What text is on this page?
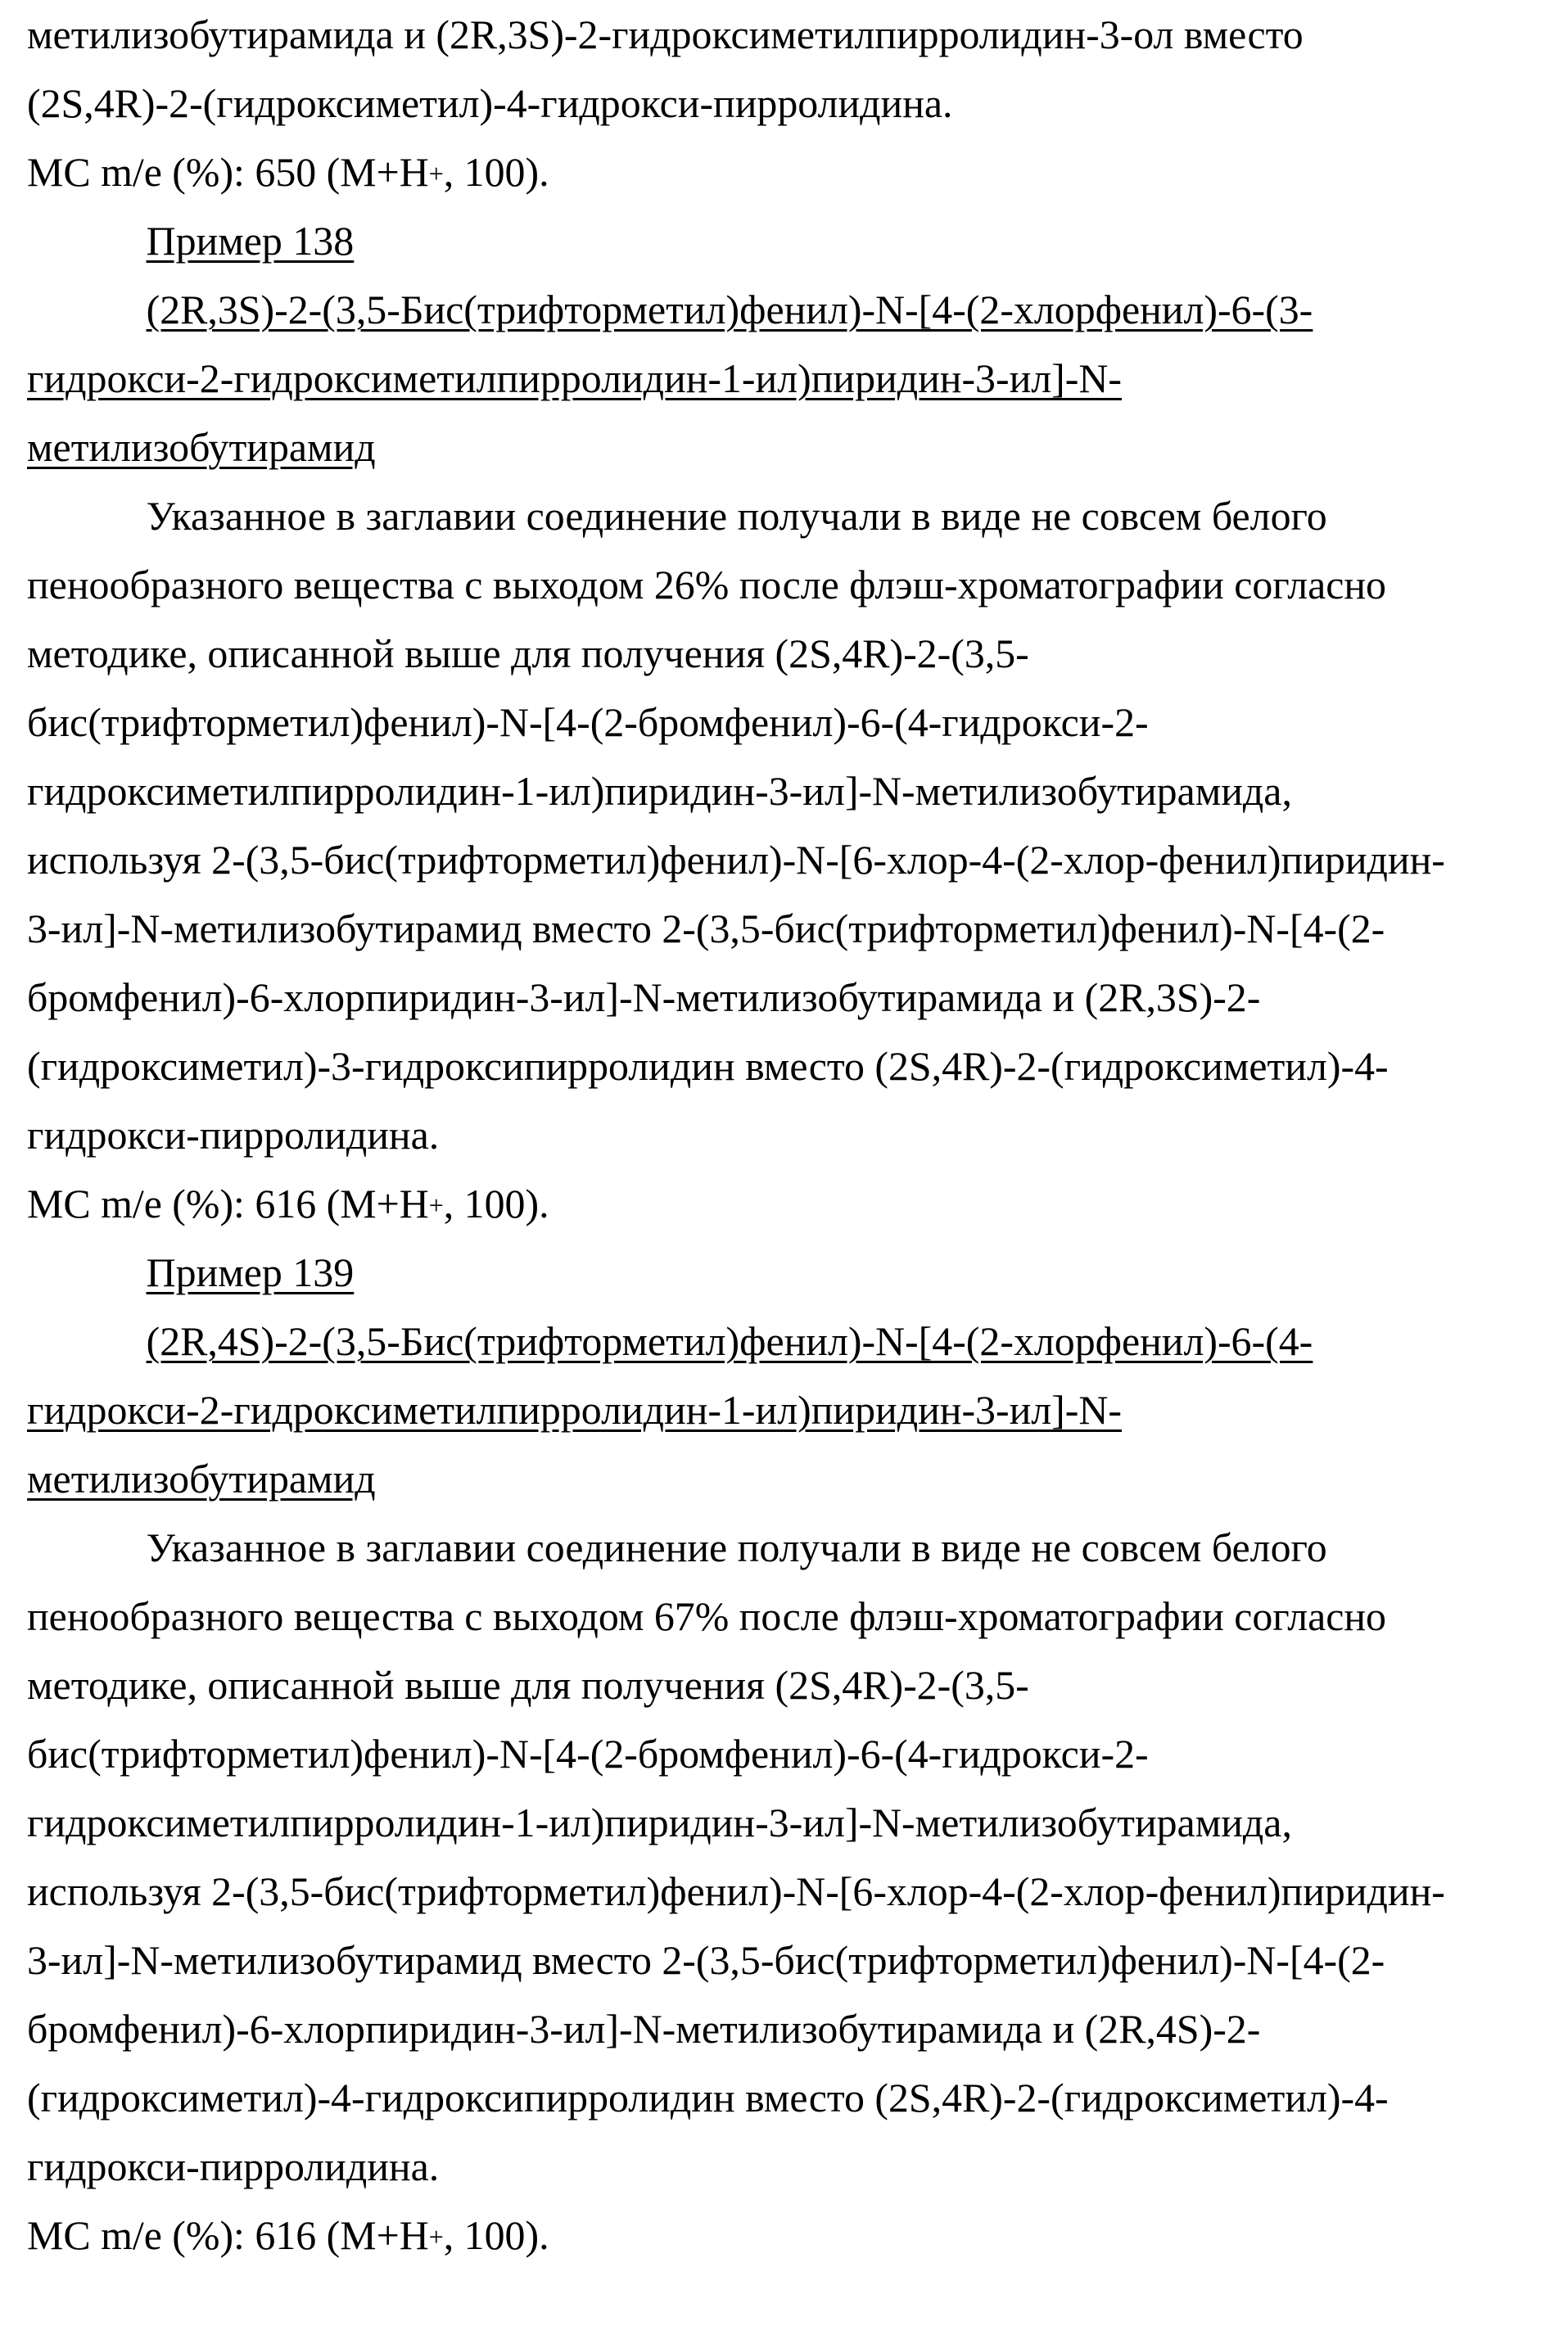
метилизобутирамида и (2R,3S)-2-гидроксиметилпирролидин-3-ол вместо
(2S,4R)-2-(гидроксиметил)-4-гидрокси-пирролидина.
МС m/e (%): 650 (M+H+, 100).
Пример 138
(2R,3S)-2-(3,5-Бис(трифторметил)фенил)-N-[4-(2-хлорфенил)-6-(3-
гидрокси-2-гидроксиметилпирролидин-1-ил)пиридин-3-ил]-N-
метилизобутирамид
Указанное в заглавии соединение получали в виде не совсем белого
пенообразного вещества с выходом 26% после флэш-хроматографии согласно
методике, описанной выше для получения (2S,4R)-2-(3,5-
бис(трифторметил)фенил)-N-[4-(2-бромфенил)-6-(4-гидрокси-2-
гидроксиметилпирролидин-1-ил)пиридин-3-ил]-N-метилизобутирамида,
используя 2-(3,5-бис(трифторметил)фенил)-N-[6-хлор-4-(2-хлор-фенил)пиридин-
3-ил]-N-метилизобутирамид вместо 2-(3,5-бис(трифторметил)фенил)-N-[4-(2-
бромфенил)-6-хлорпиридин-3-ил]-N-метилизобутирамида и (2R,3S)-2-
(гидроксиметил)-3-гидроксипирролидин вместо (2S,4R)-2-(гидроксиметил)-4-
гидрокси-пирролидина.
МС m/e (%): 616 (M+H+, 100).
Пример 139
(2R,4S)-2-(3,5-Бис(трифторметил)фенил)-N-[4-(2-хлорфенил)-6-(4-
гидрокси-2-гидроксиметилпирролидин-1-ил)пиридин-3-ил]-N-
метилизобутирамид
Указанное в заглавии соединение получали в виде не совсем белого
пенообразного вещества с выходом 67% после флэш-хроматографии согласно
методике, описанной выше для получения (2S,4R)-2-(3,5-
бис(трифторметил)фенил)-N-[4-(2-бромфенил)-6-(4-гидрокси-2-
гидроксиметилпирролидин-1-ил)пиридин-3-ил]-N-метилизобутирамида,
используя 2-(3,5-бис(трифторметил)фенил)-N-[6-хлор-4-(2-хлор-фенил)пиридин-
3-ил]-N-метилизобутирамид вместо 2-(3,5-бис(трифторметил)фенил)-N-[4-(2-
бромфенил)-6-хлорпиридин-3-ил]-N-метилизобутирамида и (2R,4S)-2-
(гидроксиметил)-4-гидроксипирролидин вместо (2S,4R)-2-(гидроксиметил)-4-
гидрокси-пирролидина.
МС m/e (%): 616 (M+H+, 100).
